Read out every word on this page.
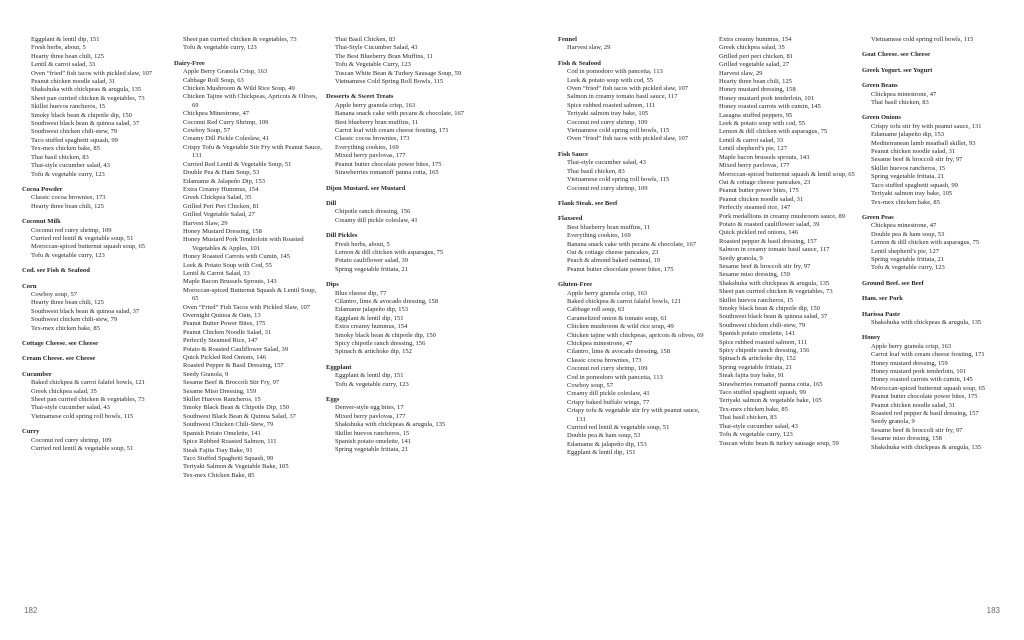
Eggplant & lentil dip, 151
Fresh herbs, about, 5
Hearty three bean chili, 125
Lentil & carrot salad, 33
Oven “fried” fish tacos with pickled slaw, 107
Peanut chicken noodle salad, 31
Shakshuka with chickpeas & arugula, 135
Sheet pan curried chicken & vegetables, 73
Skillet huevos rancheros, 15
Smoky black bean & chipotle dip, 150
Southwest black bean & quinoa salad, 37
Southwest chicken chili-stew, 79
Taco stuffed spaghetti squash, 99
Tex-mex chicken bake, 85
Thai basil chicken, 83
Thai-style cucumber salad, 43
Tofu & vegetable curry, 123
Cocoa Powder
Classic cocoa brownies, 173
Hearty three bean chili, 125
Coconut Milk
Coconut red curry shrimp, 109
Curried red lentil & vegetable soup, 51
Moroccan-spiced butternut squash soup, 65
Tofu & vegetable curry, 123
Cod. see Fish & Seafood
Corn
Cowboy soup, 57
Hearty three bean chili, 125
Southwest black bean & quinoa salad, 37
Southwest chicken chili-stew, 79
Tex-mex chicken bake, 85
Cottage Cheese. see Cheese
Cream Cheese. see Cheese
Cucumber
Baked chickpea & carrot falafel bowls, 121
Greek chickpea salad, 35
Sheet pan curried chicken & vegetables, 73
Thai-style cucumber salad, 43
Vietnamese cold spring roll bowls, 115
Curry
Coconut red curry shrimp, 109
Curried red lentil & vegetable soup, 51
Sheet pan curried chicken & vegetables, 73
Tofu & vegetable curry, 123
Dairy-Free
Apple Berry Granola Crisp, 163
Cabbage Roll Soup, 63
Chicken Mushroom & Wild Rice Soup, 49
Chicken Tajine with Chickpeas, Apricots & Olives, 69
Chickpea Minestrone, 47
Coconut Red Curry Shrimp, 109
Cowboy Soup, 57
Creamy Dill Pickle Coleslaw, 41
Crispy Tofu & Vegetable Stir Fry with Peanut Sauce, 131
Curried Red Lentil & Vegetable Soup, 51
Double Pea & Ham Soup, 53
Edamame & Jalapeño Dip, 153
Extra Creamy Hummus, 154
Greek Chickpea Salad, 35
Grilled Peri Peri Chicken, 81
Grilled Vegetable Salad, 27
Harvest Slaw, 29
Honey Mustard Dressing, 158
Honey Mustard Pork Tenderloin with Roasted Vegetables & Apples, 101
Honey Roasted Carrots with Cumin, 145
Leek & Potato Soup with Cod, 55
Lentil & Carrot Salad, 33
Maple Bacon Brussels Sprouts, 143
Moroccan-spiced Butternut Squash & Lentil Soup, 65
Oven “Fried” Fish Tacos with Pickled Slaw, 107
Overnight Quinoa & Oats, 13
Peanut Butter Power Bites, 175
Peanut Chicken Noodle Salad, 31
Perfectly Steamed Rice, 147
Potato & Roasted Cauliflower Salad, 39
Quick Pickled Red Onions, 146
Roasted Pepper & Basil Dressing, 157
Seedy Granola, 9
Sesame Beef & Broccoli Stir Fry, 97
Sesame Miso Dressing, 159
Skillet Huevos Rancheros, 15
Smoky Black Bean & Chipotle Dip, 150
Southwest Black Bean & Quinoa Salad, 37
Southwest Chicken Chili-Stew, 79
Spanish Potato Omelette, 141
Spice Rubbed Roasted Salmon, 111
Steak Fajita Tray Bake, 91
Taco Stuffed Spaghetti Squash, 99
Teriyaki Salmon & Vegetable Bake, 105
Tex-mex Chicken Bake, 85
Thai Basil Chicken, 83
Thai-Style Cucumber Salad, 43
The Best Blueberry Bran Muffins, 11
Tofu & Vegetable Curry, 123
Tuscan White Bean & Turkey Sausage Soup, 59
Vietnamese Cold Spring Roll Bowls, 115
Desserts & Sweet Treats
Apple berry granola crisp, 163
Banana snack cake with pecans & chocolate, 167
Best blueberry bran muffins, 11
Carrot loaf with cream cheese frosting, 171
Classic cocoa brownies, 173
Everything cookies, 169
Mixed berry pavlovas, 177
Peanut butter chocolate power bites, 175
Strawberries romanoff panna cotta, 165
Dijon Mustard. see Mustard
Dill
Chipotle ranch dressing, 156
Creamy dill pickle coleslaw, 41
Dill Pickles
Fresh herbs, about, 5
Lemon & dill chicken with asparagus, 75
Potato cauliflower salad, 39
Spring vegetable frittata, 21
Dips
Blue cheese dip, 77
Cilantro, lime & avocado dressing, 158
Edamame jalapeño dip, 153
Eggplant & lentil dip, 151
Extra creamy hummus, 154
Smoky black bean & chipotle dip, 150
Spicy chipotle ranch dressing, 156
Spinach & artichoke dip, 152
Eggplant
Eggplant & lentil dip, 151
Tofu & vegetable curry, 123
Eggs
Denver-style egg bites, 17
Mixed berry pavlovas, 177
Shakshuka with chickpeas & arugula, 135
Skillet huevos rancheros, 15
Spanish potato omelette, 141
Spring vegetable frittata, 21
Fennel
Harvest slaw, 29
Fish & Seafood
Cod in pomodoro with pancetta, 113
Leek & potato soup with cod, 55
Oven “fried” fish tacos with pickled slaw, 107
Salmon in creamy tomato basil sauce, 117
Spice rubbed roasted salmon, 111
Teriyaki salmon tray bake, 105
Coconut red curry shrimp, 109
Vietnamese cold spring roll bowls, 115
Oven “fried” fish tacos with pickled slaw, 107
Fish Sauce
Thai-style cucumber salad, 43
Thai basil chicken, 83
Vietnamese cold spring roll bowls, 115
Coconut red curry shrimp, 109
Flank Steak. see Beef
Flaxseed
Best blueberry bran muffins, 11
Everything cookies, 169
Banana snack cake with pecans & chocolate, 167
Oat & cottage cheese pancakes, 23
Peach & almond baked oatmeal, 19
Peanut butter chocolate power bites, 175
Gluten-Free
Apple berry granola crisp, 163
Baked chickpea & carrot falafel bowls, 121
Cabbage roll soup, 63
Caramelized onion & tomato soup, 61
Chicken mushroom & wild rice soup, 49
Chicken tajine with chickpeas, apricots & olives, 69
Chickpea minestrone, 47
Cilantro, lime & avocado dressing, 158
Classic cocoa brownies, 173
Coconut red curry shrimp, 109
Cod in pomodoro with pancetta, 113
Cowboy soup, 57
Creamy dill pickle coleslaw, 41
Crispy baked buffalo wings, 77
Crispy tofu & vegetable stir fry with peanut sauce, 131
Curried red lentil & vegetable soup, 51
Double pea & ham soup, 53
Edamame & jalapeño dip, 153
Eggplant & lentil dip, 151
Extra creamy hummus, 154
Greek chickpea salad, 35
Grilled peri peri chicken, 81
Grilled vegetable salad, 27
Harvest slaw, 29
Hearty three bean chili, 125
Honey mustard dressing, 158
Honey mustard pork tenderloin, 101
Honey roasted carrots with cumin, 145
Lasagna stuffed peppers, 95
Leek & potato soup with cod, 55
Lemon & dill chicken with asparagus, 75
Lentil & carrot salad, 33
Lentil shepherd’s pie, 127
Maple bacon brussels sprouts, 143
Mixed berry pavlovas, 177
Moroccan-spiced butternut squash & lentil soup, 65
Oat & cottage cheese pancakes, 23
Peanut butter power bites, 175
Peanut chicken noodle salad, 31
Perfectly steamed rice, 147
Pork medallions in creamy mushroom sauce, 89
Potato & roasted cauliflower salad, 39
Quick pickled red onions, 146
Roasted pepper & basil dressing, 157
Salmon in creamy tomato basil sauce, 117
Seedy granola, 9
Sesame beef & broccoli stir fry, 97
Sesame miso dressing, 159
Shakshuka with chickpeas & arugula, 135
Sheet pan curried chicken & vegetables, 73
Skillet huevos rancheros, 15
Smoky black bean & chipotle dip, 150
Southwest black bean & quinoa salad, 37
Southwest chicken chili-stew, 79
Spanish potato omelette, 141
Spice rubbed roasted salmon, 111
Spicy chipotle ranch dressing, 156
Spinach & artichoke dip, 152
Spring vegetable frittata, 21
Steak fajita tray bake, 91
Strawberries romanoff panna cotta, 165
Taco stuffed spaghetti squash, 99
Teriyaki salmon & vegetable bake, 105
Tex-mex chicken bake, 85
Thai basil chicken, 83
Thai-style cucumber salad, 43
Tofu & vegetable curry, 123
Tuscan white bean & turkey sausage soup, 59
Vietnamese cold spring roll bowls, 115
Goat Cheese. see Cheese
Greek Yogurt. see Yogurt
Green Beans
Chickpea minestrone, 47
Thai basil chicken, 83
Green Onions
Crispy tofu stir fry with peanut sauce, 131
Edamame jalapeño dip, 153
Mediterranean lamb meatball skillet, 93
Peanut chicken noodle salad, 31
Sesame beef & broccoli stir fry, 97
Skillet huevos rancheros, 15
Spring vegetable frittata, 21
Taco stuffed spaghetti squash, 99
Teriyaki salmon tray bake, 105
Tex-mex chicken bake, 85
Green Peas
Chickpea minestrone, 47
Double pea & ham soup, 53
Lemon & dill chicken with asparagus, 75
Lentil shepherd’s pie, 127
Spring vegetable frittata, 21
Tofu & vegetable curry, 123
Ground Beef. see Beef
Ham. see Pork
Harissa Paste
Shakshuka with chickpeas & arugula, 135
Honey
Apple berry granola crisp, 163
Carrot loaf with cream cheese frosting, 171
Honey mustard dressing, 159
Honey mustard pork tenderloin, 101
Honey roasted carrots with cumin, 145
Moroccan-spiced butternut squash soup, 65
Peanut butter chocolate power bites, 175
Peanut chicken noodle salad, 31
Roasted red pepper & basil dressing, 157
Seedy granola, 9
Sesame beef & broccoli stir fry, 97
Sesame miso dressing, 158
Shakshuka with chickpeas & arugula, 135
182	183
